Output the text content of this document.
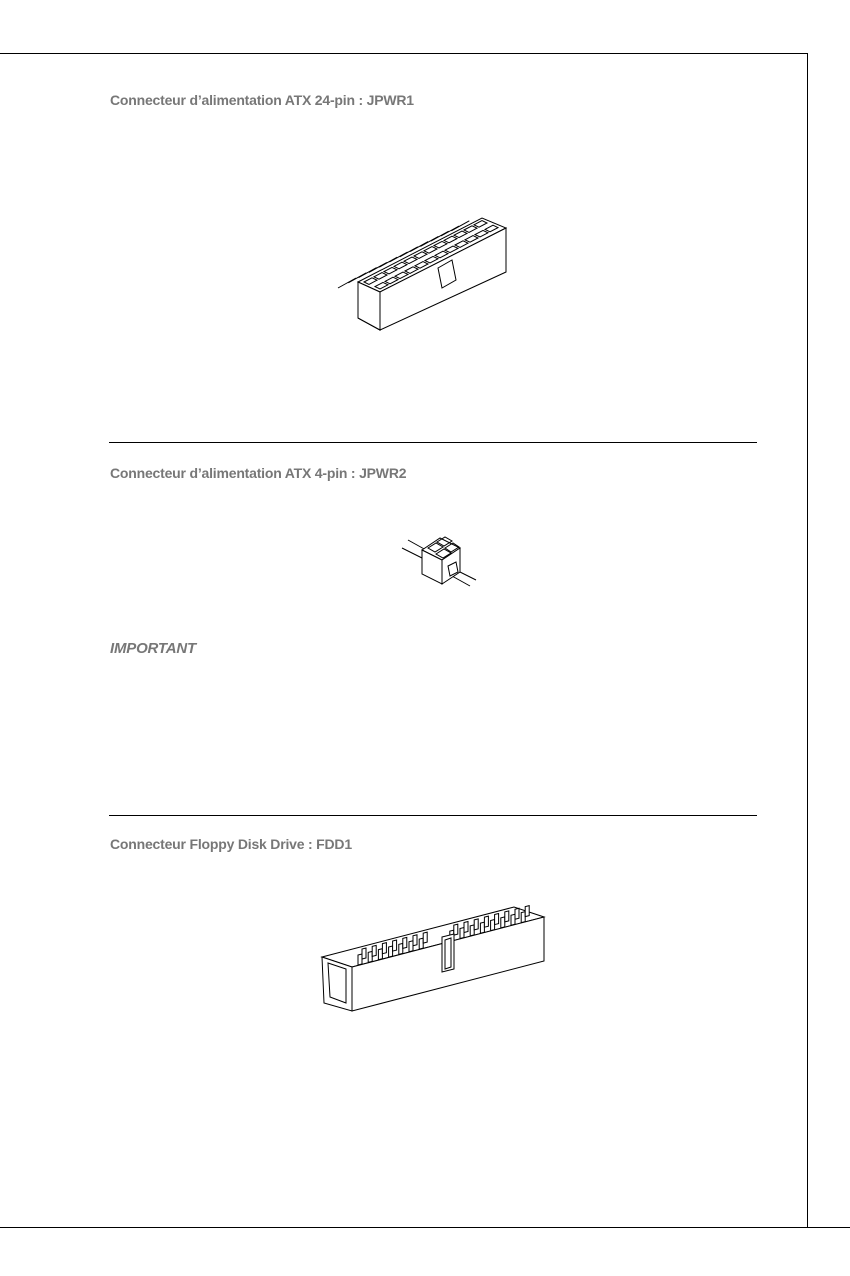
Connecteur d’alimentation ATX 24-pin : JPWR1
Connecteur d’alimentation ATX 4-pin : JPWR2
IMPORTANT
Connecteur Floppy Disk Drive : FDD1
